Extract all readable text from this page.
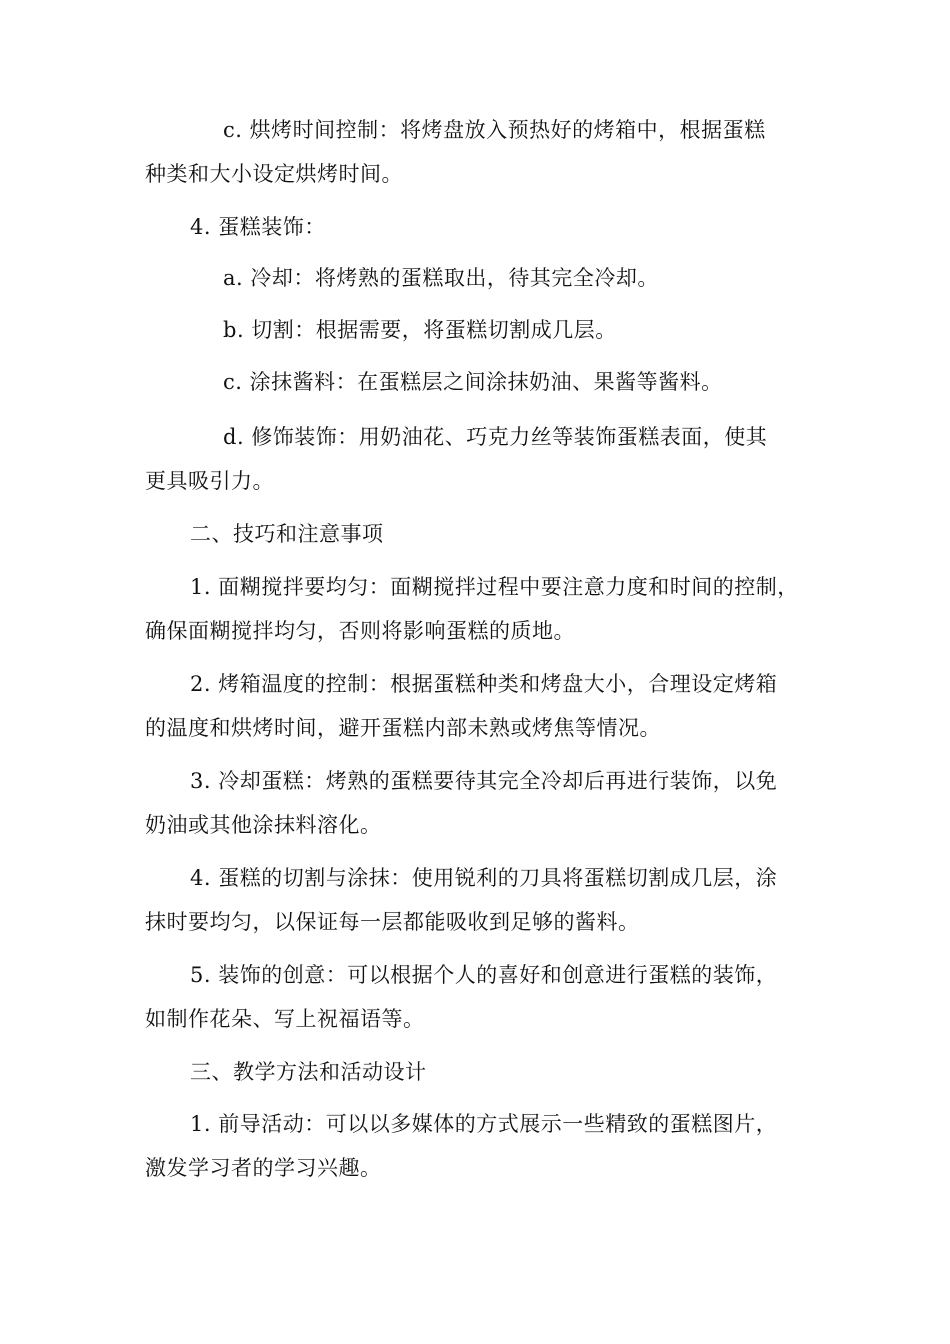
c. 烘烤时间控制：将烤盘放入预热好的烤箱中，根据蛋糕
种类和大小设定烘烤时间。

4. 蛋糕装饰：

a. 冷却：将烤熟的蛋糕取出，待其完全冷却。

b. 切割：根据需要，将蛋糕切割成几层。

c. 涂抹酱料：在蛋糕层之间涂抹奶油、果酱等酱料。

d. 修饰装饰：用奶油花、巧克力丝等装饰蛋糕表面，使其
更具吸引力。

二、技巧和注意事项

1. 面糊搅拌要均匀：面糊搅拌过程中要注意力度和时间的控制，
确保面糊搅拌均匀，否则将影响蛋糕的质地。

2. 烤箱温度的控制：根据蛋糕种类和烤盘大小，合理设定烤箱
的温度和烘烤时间，避开蛋糕内部未熟或烤焦等情况。

3. 冷却蛋糕：烤熟的蛋糕要待其完全冷却后再进行装饰，以免
奶油或其他涂抹料溶化。

4. 蛋糕的切割与涂抹：使用锐利的刀具将蛋糕切割成几层，涂
抹时要均匀，以保证每一层都能吸收到足够的酱料。

5. 装饰的创意：可以根据个人的喜好和创意进行蛋糕的装饰，
如制作花朵、写上祝福语等。

三、教学方法和活动设计

1. 前导活动：可以以多媒体的方式展示一些精致的蛋糕图片，
激发学习者的学习兴趣。
